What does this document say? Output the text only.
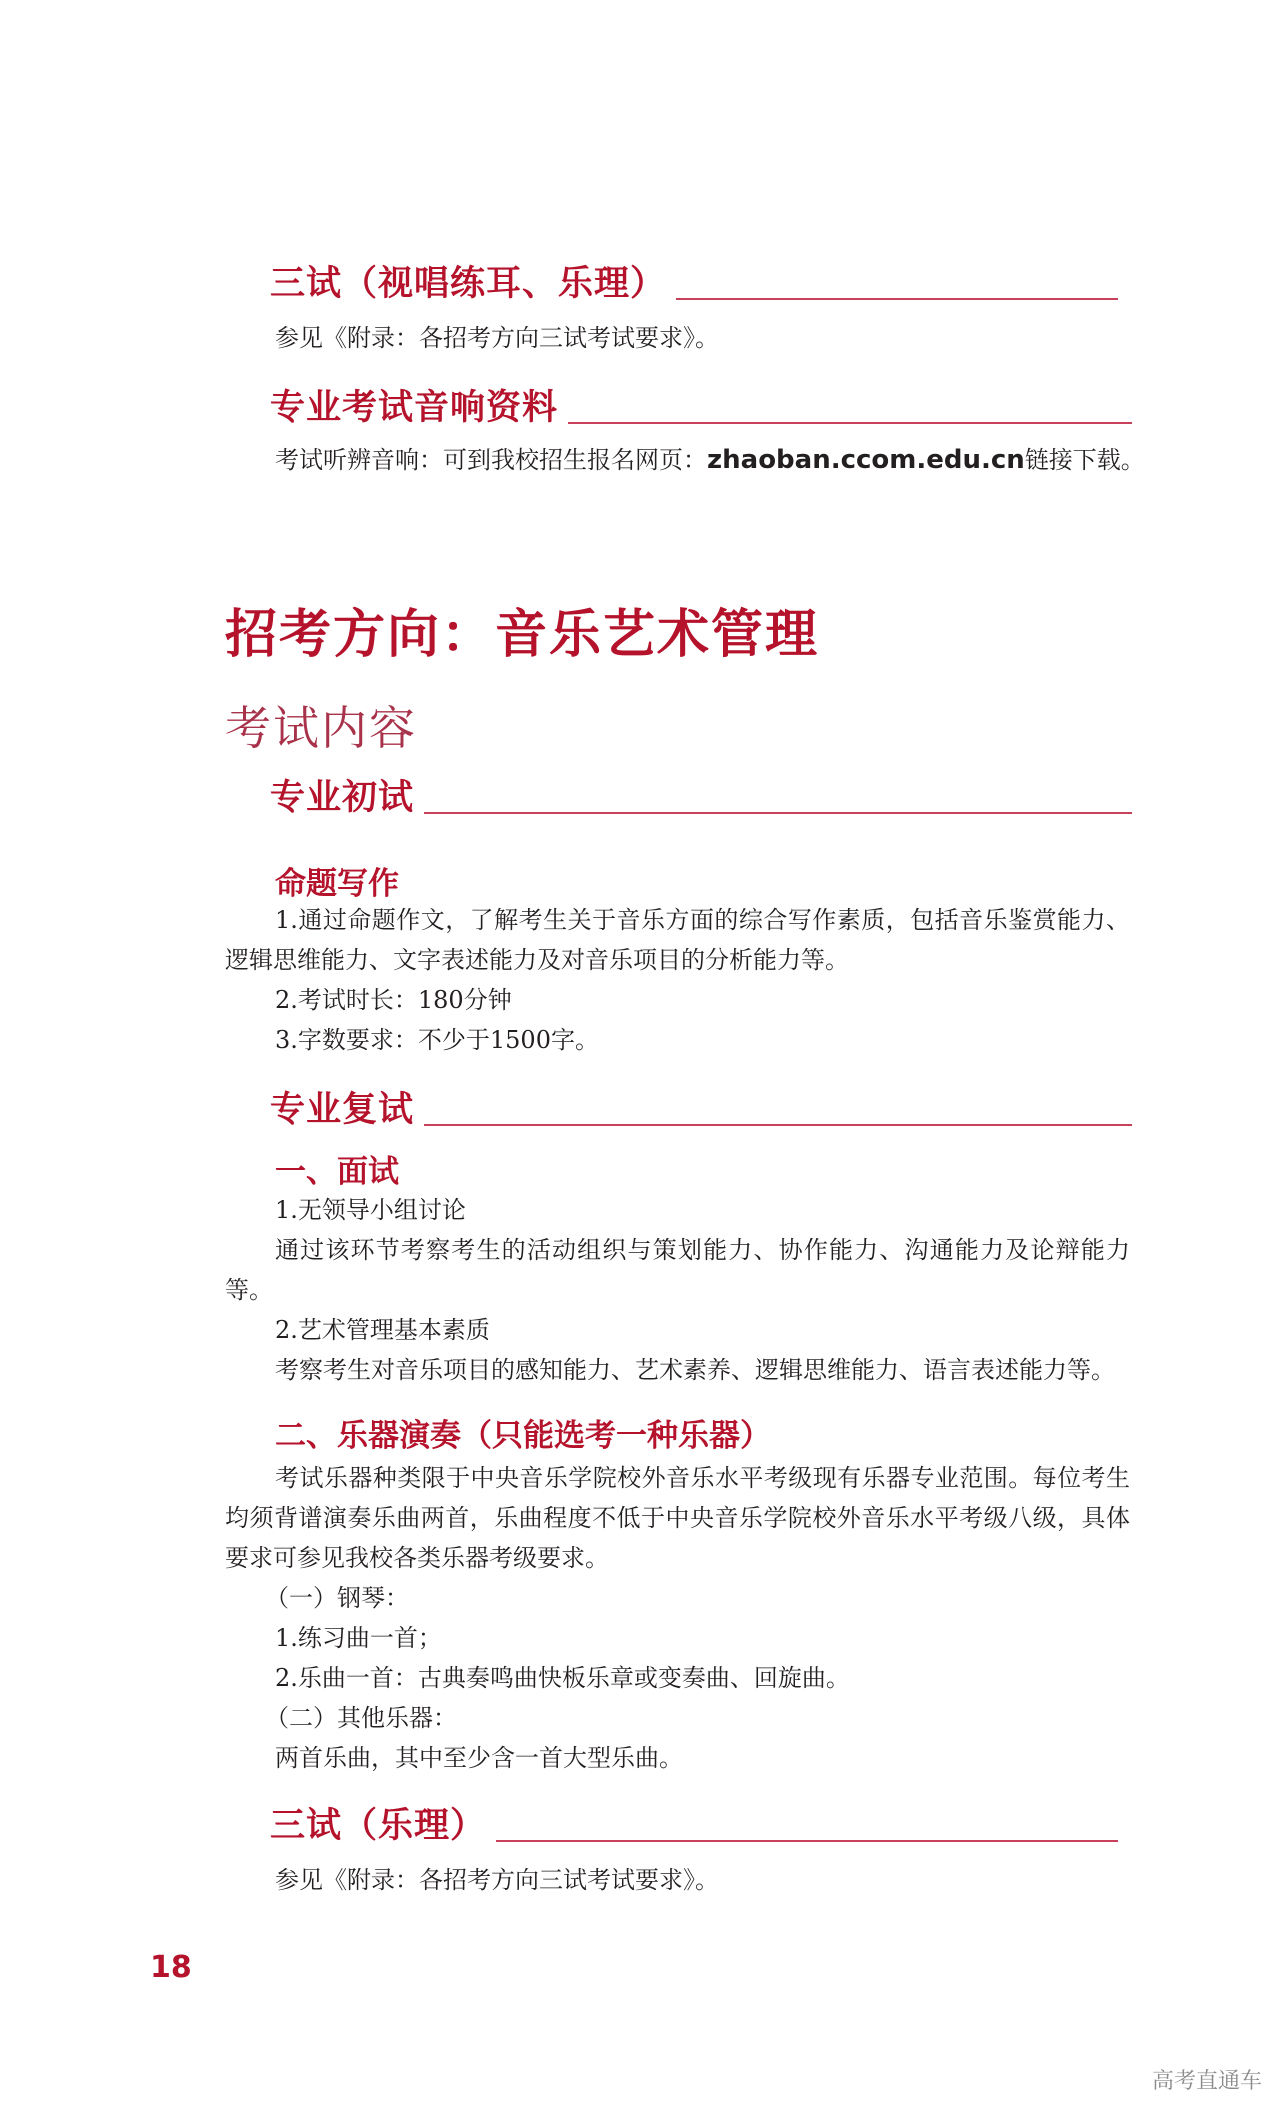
三试（视唱练耳、乐理）
参见《附录：各招考方向三试考试要求》。
专业考试音响资料
考试听辨音响：可到我校招生报名网页：zhaoban.ccom.edu.cn链接下载。
招考方向：音乐艺术管理
考试内容
专业初试
命题写作
1.通过命题作文，了解考生关于音乐方面的综合写作素质，包括音乐鉴赏能力、逻辑思维能力、文字表述能力及对音乐项目的分析能力等。
2.考试时长：180分钟
3.字数要求：不少于1500字。
专业复试
一、面试
1.无领导小组讨论
通过该环节考察考生的活动组织与策划能力、协作能力、沟通能力及论辩能力等。
2.艺术管理基本素质
考察考生对音乐项目的感知能力、艺术素养、逻辑思维能力、语言表述能力等。
二、乐器演奏（只能选考一种乐器）
考试乐器种类限于中央音乐学院校外音乐水平考级现有乐器专业范围。每位考生均须背谱演奏乐曲两首，乐曲程度不低于中央音乐学院校外音乐水平考级八级，具体要求可参见我校各类乐器考级要求。
（一）钢琴：
1.练习曲一首；
2.乐曲一首：古典奏鸣曲快板乐章或变奏曲、回旋曲。
（二）其他乐器：
两首乐曲，其中至少含一首大型乐曲。
三试（乐理）
参见《附录：各招考方向三试考试要求》。
18
高考直通车
